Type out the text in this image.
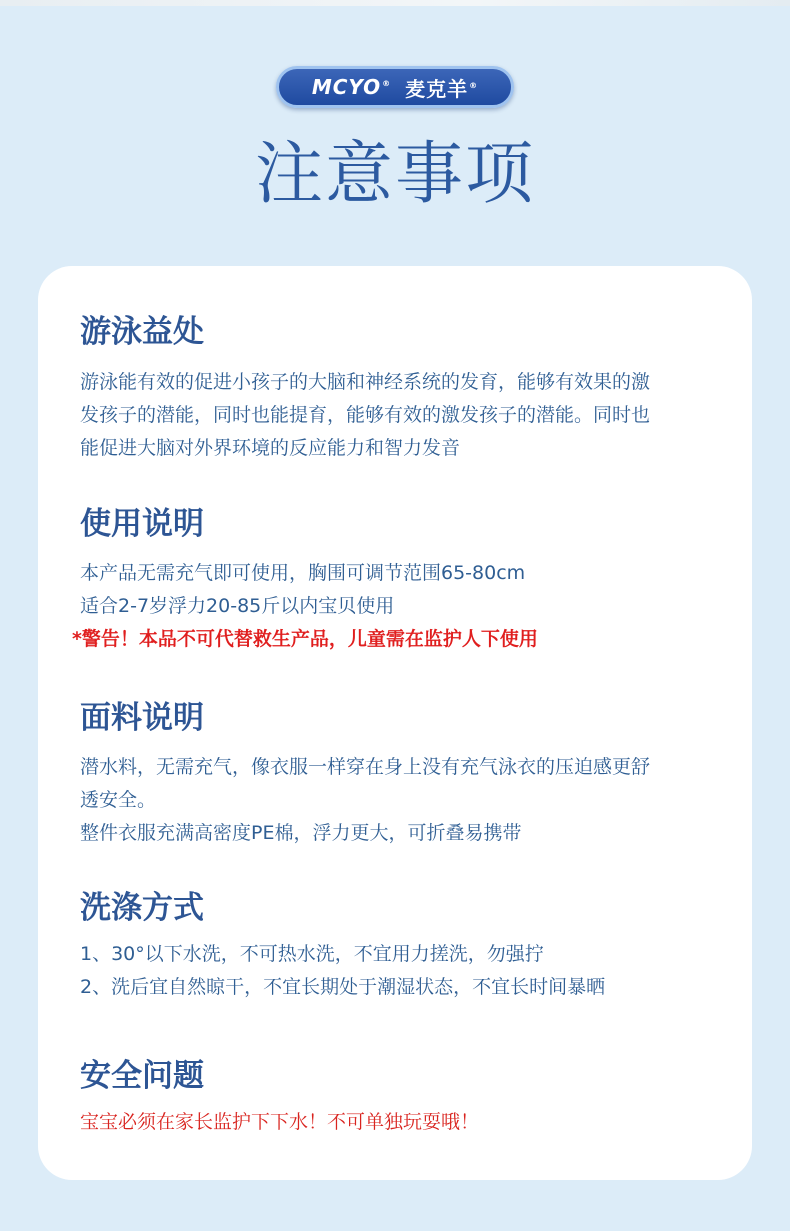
MCYO® 麦克羊®
注意事项
游泳益处

游泳能有效的促进小孩子的大脑和神经系统的发育，能够有效果的激

发孩子的潜能，同时也能提育，能够有效的激发孩子的潜能。同时也

能促进大脑对外界环境的反应能力和智力发音

使用说明

本产品无需充气即可使用，胸围可调节范围65-80cm

适合2-7岁浮力20-85斤以内宝贝使用

*警告！本品不可代替救生产品，儿童需在监护人下使用

面料说明

潜水料，无需充气，像衣服一样穿在身上没有充气泳衣的压迫感更舒

透安全。

整件衣服充满高密度PE棉，浮力更大，可折叠易携带

洗涤方式

1、30°以下水洗，不可热水洗，不宜用力搓洗，勿强拧

2、洗后宜自然晾干，不宜长期处于潮湿状态，不宜长时间暴晒

安全问题

宝宝必须在家长监护下下水！不可单独玩耍哦！
